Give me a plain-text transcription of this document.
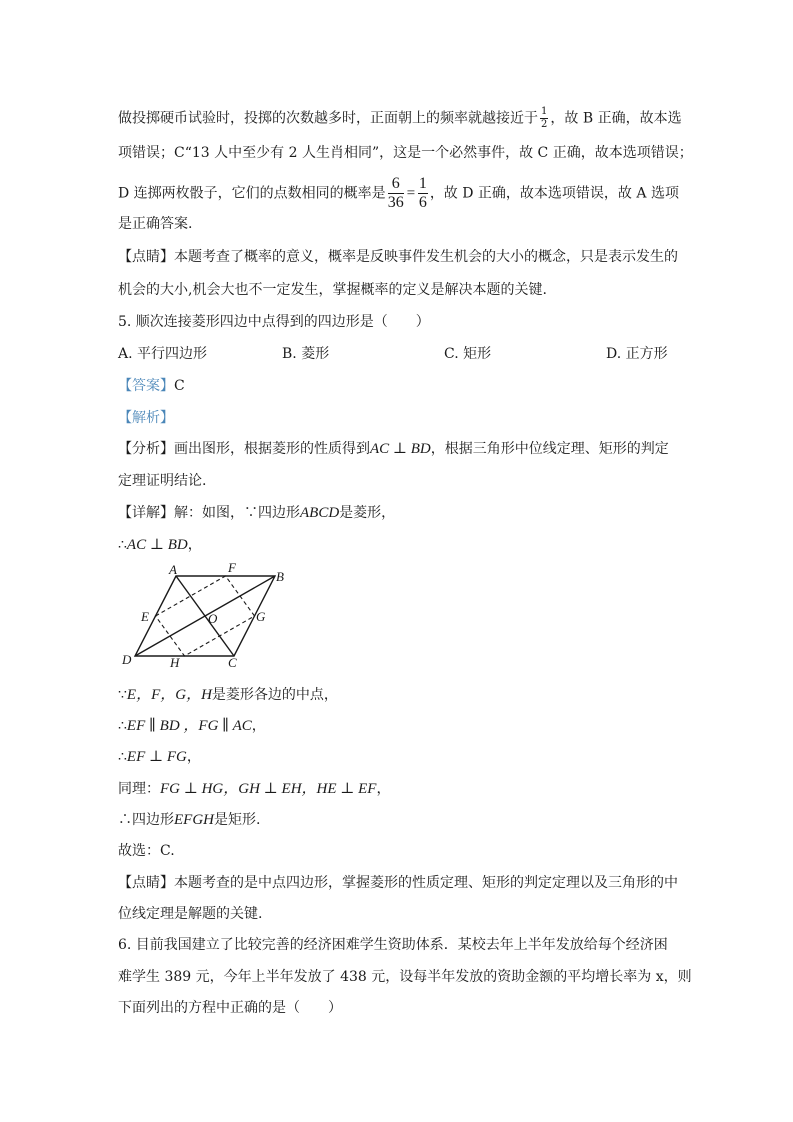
做投掷硬币试验时，投掷的次数越多时，正面朝上的频率就越接近于 $\frac{1}{2}$ ，故 B 正确，故本选
项错误；C“13 人中至少有 2 人生肖相同”，这是一个必然事件，故 C 正确，故本选项错误；
D 连掷两枚骰子，它们的点数相同的概率是 $\frac{6}{36} = \frac{1}{6}$ ，故 D 正确，故本选项错误，故 A 选项
是正确答案.
【点睛】本题考查了概率的意义，概率是反映事件发生机会的大小的概念，只是表示发生的
机会的大小,机会大也不一定发生，掌握概率的定义是解决本题的关键.
5. 顺次连接菱形四边中点得到的四边形是（　　）
A. 平行四边形	B. 菱形	C. 矩形	D. 正方形
【答案】C
【解析】
【分析】画出图形，根据菱形的性质得到AC ⊥ BD，根据三角形中位线定理、矩形的判定
定理证明结论.
【详解】解：如图，∵四边形ABCD是菱形，
∴AC ⊥ BD，
A	F
B
E	O	G
D	H	C
∵E，F，G，H是菱形各边的中点，
∴EF ∥ BD ，FG ∥ AC，
∴EF ⊥ FG，
同理：FG ⊥ HG，GH ⊥ EH，HE ⊥ EF，
∴四边形EFGH是矩形.
故选：C.
【点睛】本题考查的是中点四边形，掌握菱形的性质定理、矩形的判定定理以及三角形的中
位线定理是解题的关键.
6. 目前我国建立了比较完善的经济困难学生资助体系．某校去年上半年发放给每个经济困
难学生 389 元，今年上半年发放了 438 元，设每半年发放的资助金额的平均增长率为 x，则
下面列出的方程中正确的是（　　）
